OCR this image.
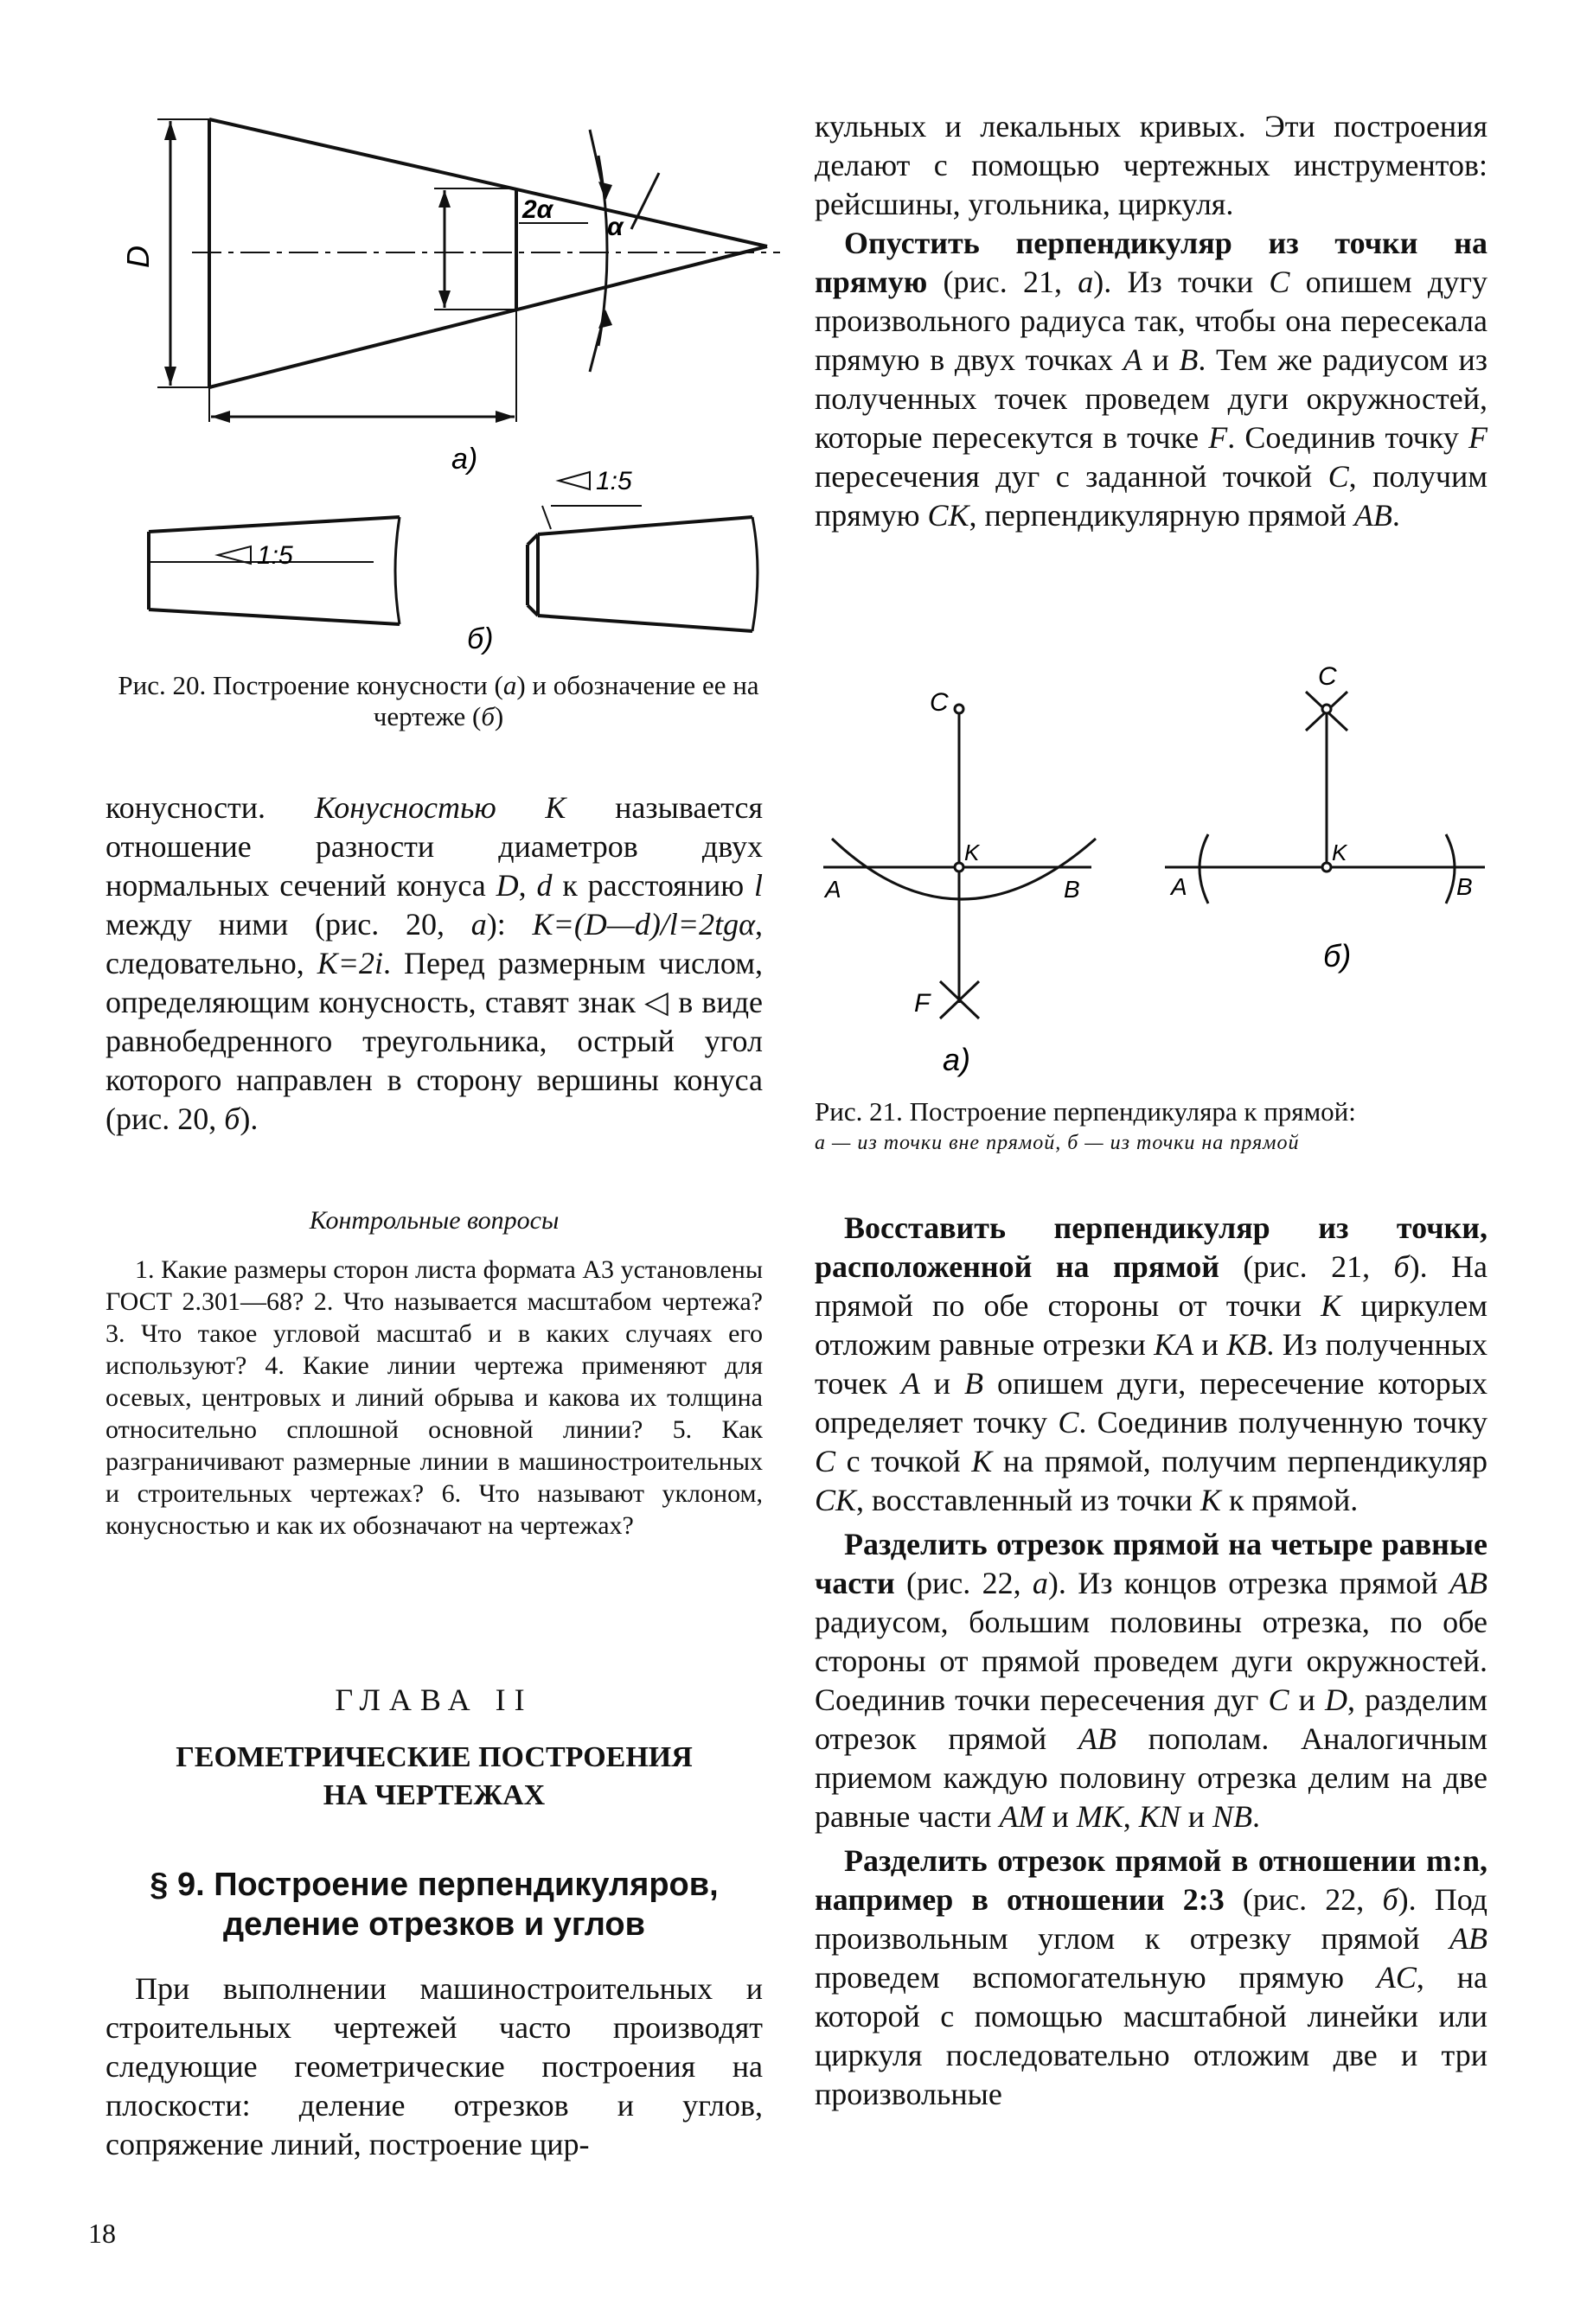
D
2α
α
а)
1:5
1:5
б)
Рис. 20. Построение конусности (а) и обозначение ее на чертеже (б)

конусности. Конусностью K называется отношение разности диаметров двух нормальных сечений конуса D, d к расстоянию l между ними (рис. 20, а): K=(D—d)/l=2tgα, следовательно, K=2i. Перед размерным числом, определяющим конусность, ставят знак ◁ в виде равнобедренного треугольника, острый угол которого направлен в сторону вершины конуса (рис. 20, б).

Контрольные вопросы
1. Какие размеры сторон листа формата А3 установлены ГОСТ 2.301—68? 2. Что называется масштабом чертежа? 3. Что такое угловой масштаб и в каких случаях его используют? 4. Какие линии чертежа применяют для осевых, центровых и линий обрыва и какова их толщина относительно сплошной основной линии? 5. Как разграничивают размерные линии в машиностроительных и строительных чертежах? 6. Что называют уклоном, конусностью и как их обозначают на чертежах?
ГЛАВА II
ГЕОМЕТРИЧЕСКИЕ ПОСТРОЕНИЯ
НА ЧЕРТЕЖАХ
§ 9. Построение перпендикуляров,
деление отрезков и углов

При выполнении машиностроительных и строительных чертежей часто производят следующие геометрические построения на плоскости: деление отрезков и углов, сопряжение линий, построение цир-

18

кульных и лекальных кривых. Эти построения делают с помощью чертежных инструментов: рейсшины, угольника, циркуля.

Опустить перпендикуляр из точки на прямую (рис. 21, а). Из точки C опишем дугу произвольного радиуса так, чтобы она пересекала прямую в двух точках A и B. Тем же радиусом из полученных точек проведем дуги окружностей, которые пересекутся в точке F. Соединив точку F пересечения дуг с заданной точкой C, получим прямую CK, перпендикулярную прямой AB.

C
K
A	B
F
а)
C
K
A	B
б)
Рис. 21. Построение перпендикуляра к прямой:
а — из точки вне прямой, б — из точки на прямой

Восставить перпендикуляр из точки, расположенной на прямой (рис. 21, б). На прямой по обе стороны от точки K циркулем отложим равные отрезки KA и KB. Из полученных точек A и B опишем дуги, пересечение которых определяет точку C. Соединив полученную точку C с точкой K на прямой, получим перпендикуляр CK, восставленный из точки K к прямой.

Разделить отрезок прямой на четыре равные части (рис. 22, а). Из концов отрезка прямой AB радиусом, большим половины отрезка, по обе стороны от прямой проведем дуги окружностей. Соединив точки пересечения дуг C и D, разделим отрезок прямой AB пополам. Аналогичным приемом каждую половину отрезка делим на две равные части AM и MK, KN и NB.

Разделить отрезок прямой в отношении m:n, например в отношении 2:3 (рис. 22, б). Под произвольным углом к отрезку прямой AB проведем вспомогательную прямую AC, на которой с помощью масштабной линейки или циркуля последовательно отложим две и три произвольные
